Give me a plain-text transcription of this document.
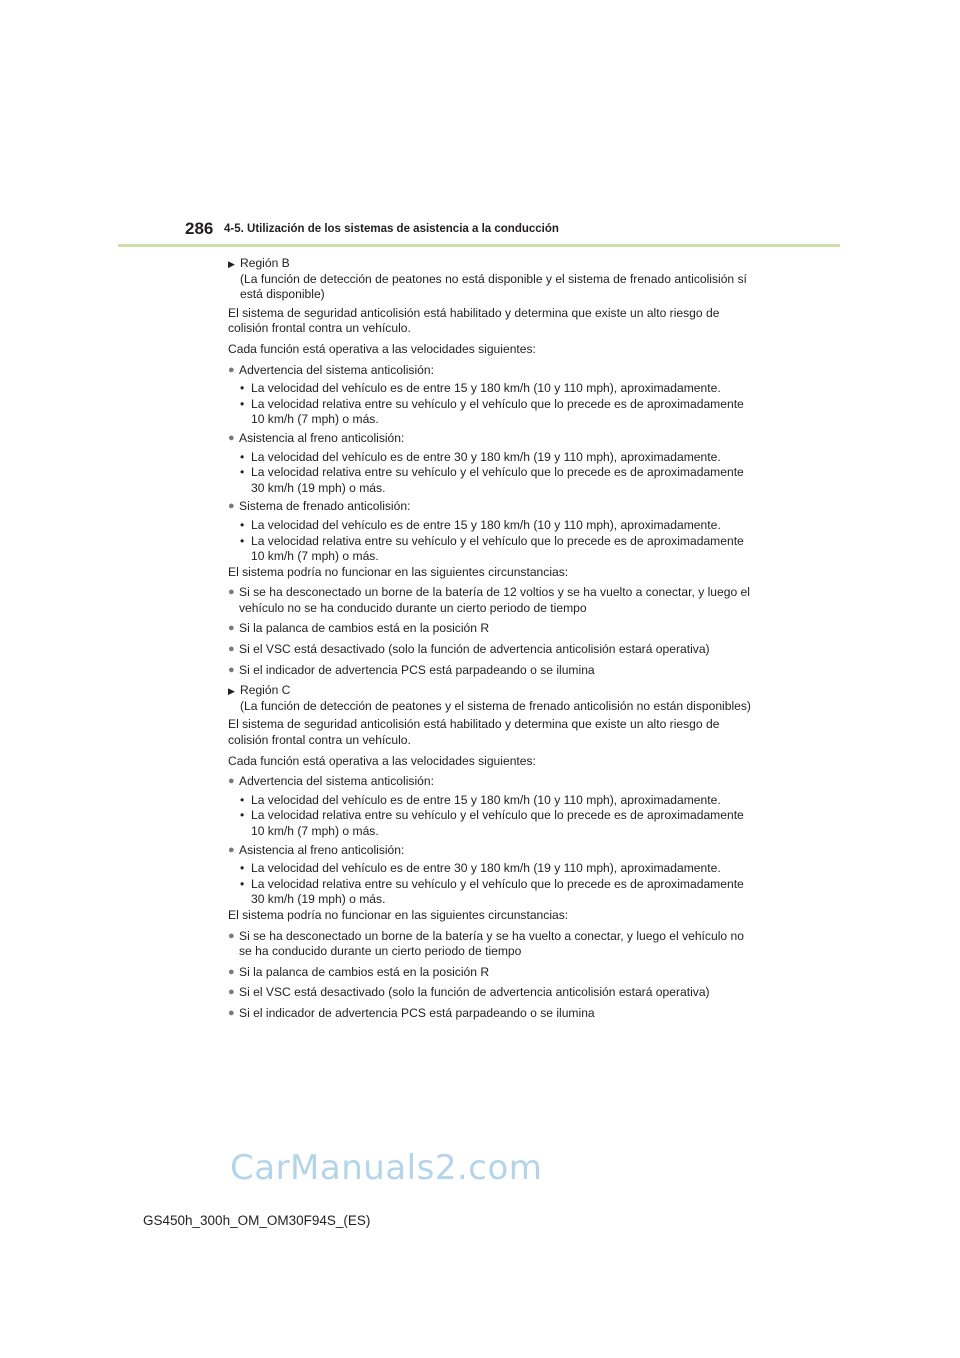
286 4-5. Utilización de los sistemas de asistencia a la conducción
▶ Región B
(La función de detección de peatones no está disponible y el sistema de frenado anticolisión sí está disponible)
El sistema de seguridad anticolisión está habilitado y determina que existe un alto riesgo de colisión frontal contra un vehículo.
Cada función está operativa a las velocidades siguientes:
● Advertencia del sistema anticolisión:
• La velocidad del vehículo es de entre 15 y 180 km/h (10 y 110 mph), aproximadamente.
• La velocidad relativa entre su vehículo y el vehículo que lo precede es de aproximadamente 10 km/h (7 mph) o más.
● Asistencia al freno anticolisión:
• La velocidad del vehículo es de entre 30 y 180 km/h (19 y 110 mph), aproximadamente.
• La velocidad relativa entre su vehículo y el vehículo que lo precede es de aproximadamente 30 km/h (19 mph) o más.
● Sistema de frenado anticolisión:
• La velocidad del vehículo es de entre 15 y 180 km/h (10 y 110 mph), aproximadamente.
• La velocidad relativa entre su vehículo y el vehículo que lo precede es de aproximadamente 10 km/h (7 mph) o más.
El sistema podría no funcionar en las siguientes circunstancias:
● Si se ha desconectado un borne de la batería de 12 voltios y se ha vuelto a conectar, y luego el vehículo no se ha conducido durante un cierto periodo de tiempo
● Si la palanca de cambios está en la posición R
● Si el VSC está desactivado (solo la función de advertencia anticolisión estará operativa)
● Si el indicador de advertencia PCS está parpadeando o se ilumina
▶ Región C
(La función de detección de peatones y el sistema de frenado anticolisión no están disponibles)
El sistema de seguridad anticolisión está habilitado y determina que existe un alto riesgo de colisión frontal contra un vehículo.
Cada función está operativa a las velocidades siguientes:
● Advertencia del sistema anticolisión:
• La velocidad del vehículo es de entre 15 y 180 km/h (10 y 110 mph), aproximadamente.
• La velocidad relativa entre su vehículo y el vehículo que lo precede es de aproximadamente 10 km/h (7 mph) o más.
● Asistencia al freno anticolisión:
• La velocidad del vehículo es de entre 30 y 180 km/h (19 y 110 mph), aproximadamente.
• La velocidad relativa entre su vehículo y el vehículo que lo precede es de aproximadamente 30 km/h (19 mph) o más.
El sistema podría no funcionar en las siguientes circunstancias:
● Si se ha desconectado un borne de la batería y se ha vuelto a conectar, y luego el vehículo no se ha conducido durante un cierto periodo de tiempo
● Si la palanca de cambios está en la posición R
● Si el VSC está desactivado (solo la función de advertencia anticolisión estará operativa)
● Si el indicador de advertencia PCS está parpadeando o se ilumina
CarManuals2.com
GS450h_300h_OM_OM30F94S_(ES)
